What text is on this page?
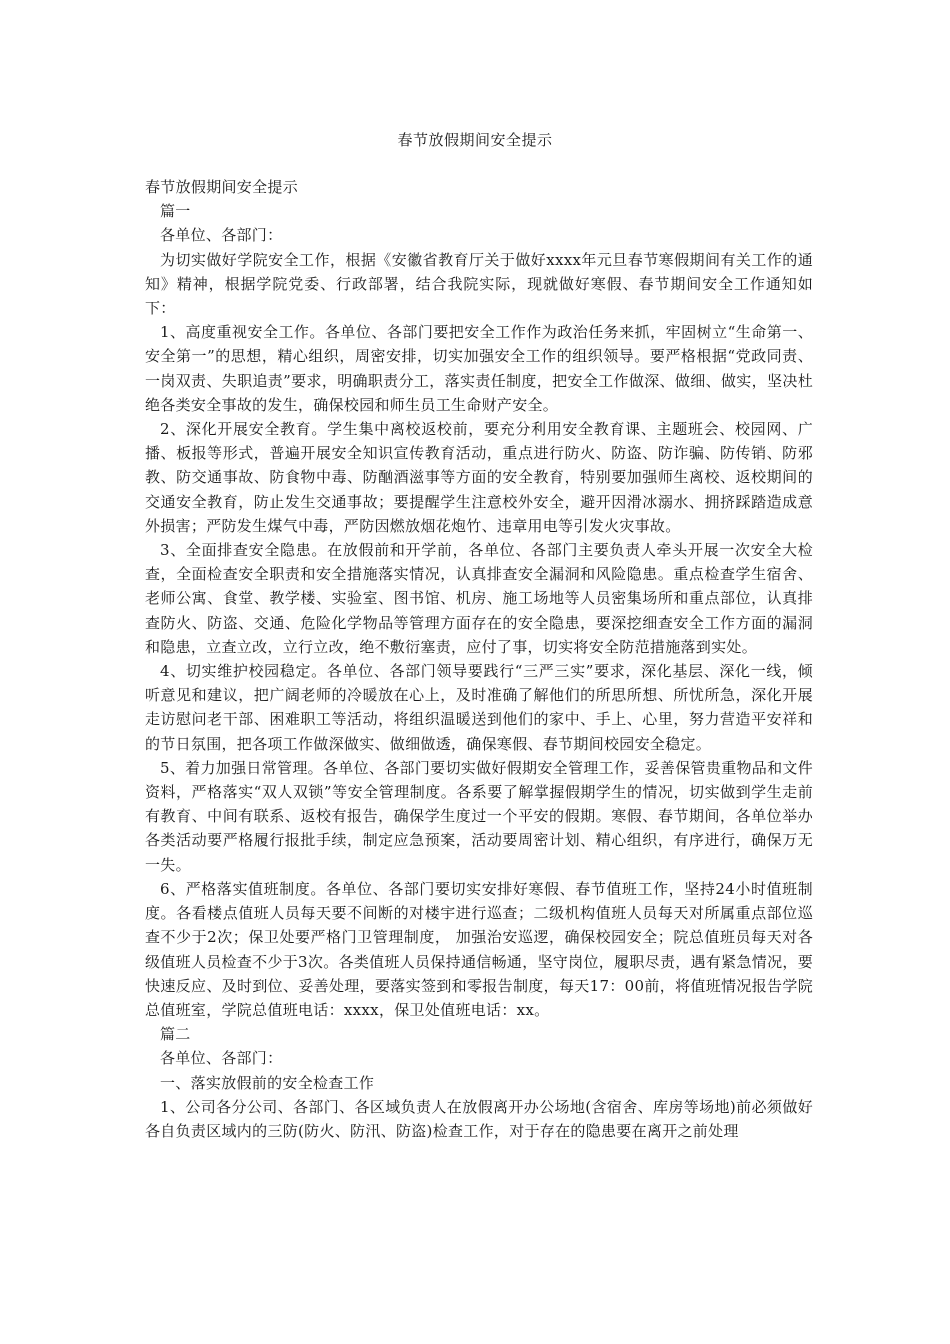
春节放假期间安全提示

春节放假期间安全提示

篇一

各单位、各部门：

为切实做好学院安全工作，根据《安徽省教育厅关于做好xxxx年元旦春节寒假期间有关工作的通知》精神，根据学院党委、行政部署，结合我院实际，现就做好寒假、春节期间安全工作通知如下：

1、高度重视安全工作。各单位、各部门要把安全工作作为政治任务来抓，牢固树立“生命第一、安全第一”的思想，精心组织，周密安排，切实加强安全工作的组织领导。要严格根据“党政同责、一岗双责、失职追责”要求，明确职责分工，落实责任制度，把安全工作做深、做细、做实，坚决杜绝各类安全事故的发生，确保校园和师生员工生命财产安全。

2、深化开展安全教育。学生集中离校返校前，要充分利用安全教育课、主题班会、校园网、广播、板报等形式，普遍开展安全知识宣传教育活动，重点进行防火、防盗、防诈骗、防传销、防邪教、防交通事故、防食物中毒、防酗酒滋事等方面的安全教育，特别要加强师生离校、返校期间的交通安全教育，防止发生交通事故；要提醒学生注意校外安全，避开因滑冰溺水、拥挤踩踏造成意外损害；严防发生煤气中毒，严防因燃放烟花炮竹、违章用电等引发火灾事故。

3、全面排查安全隐患。在放假前和开学前，各单位、各部门主要负责人牵头开展一次安全大检查，全面检查安全职责和安全措施落实情况，认真排查安全漏洞和风险隐患。重点检查学生宿舍、老师公寓、食堂、教学楼、实验室、图书馆、机房、施工场地等人员密集场所和重点部位，认真排查防火、防盗、交通、危险化学物品等管理方面存在的安全隐患，要深挖细查安全工作方面的漏洞和隐患，立查立改，立行立改，绝不敷衍塞责，应付了事，切实将安全防范措施落到实处。

4、切实维护校园稳定。各单位、各部门领导要践行“三严三实”要求，深化基层、深化一线，倾听意见和建议，把广阔老师的冷暖放在心上，及时准确了解他们的所思所想、所忧所急，深化开展走访慰问老干部、困难职工等活动，将组织温暖送到他们的家中、手上、心里，努力营造平安祥和的节日氛围，把各项工作做深做实、做细做透，确保寒假、春节期间校园安全稳定。

5、着力加强日常管理。各单位、各部门要切实做好假期安全管理工作，妥善保管贵重物品和文件资料，严格落实“双人双锁”等安全管理制度。各系要了解掌握假期学生的情况，切实做到学生走前有教育、中间有联系、返校有报告，确保学生度过一个平安的假期。寒假、春节期间，各单位举办各类活动要严格履行报批手续，制定应急预案，活动要周密计划、精心组织，有序进行，确保万无一失。

6、严格落实值班制度。各单位、各部门要切实安排好寒假、春节值班工作，坚持24小时值班制度。各看楼点值班人员每天要不间断的对楼宇进行巡查；二级机构值班人员每天对所属重点部位巡查不少于2次；保卫处要严格门卫管理制度， 加强治安巡逻，确保校园安全；院总值班员每天对各级值班人员检查不少于3次。各类值班人员保持通信畅通，坚守岗位，履职尽责，遇有紧急情况，要快速反应、及时到位、妥善处理，要落实签到和零报告制度，每天17：00前，将值班情况报告学院总值班室，学院总值班电话：xxxx，保卫处值班电话：xx。

篇二

各单位、各部门：

一、落实放假前的安全检查工作

1、公司各分公司、各部门、各区域负责人在放假离开办公场地(含宿舍、库房等场地)前必须做好各自负责区域内的三防(防火、防汛、防盗)检查工作，对于存在的隐患要在离开之前处理
